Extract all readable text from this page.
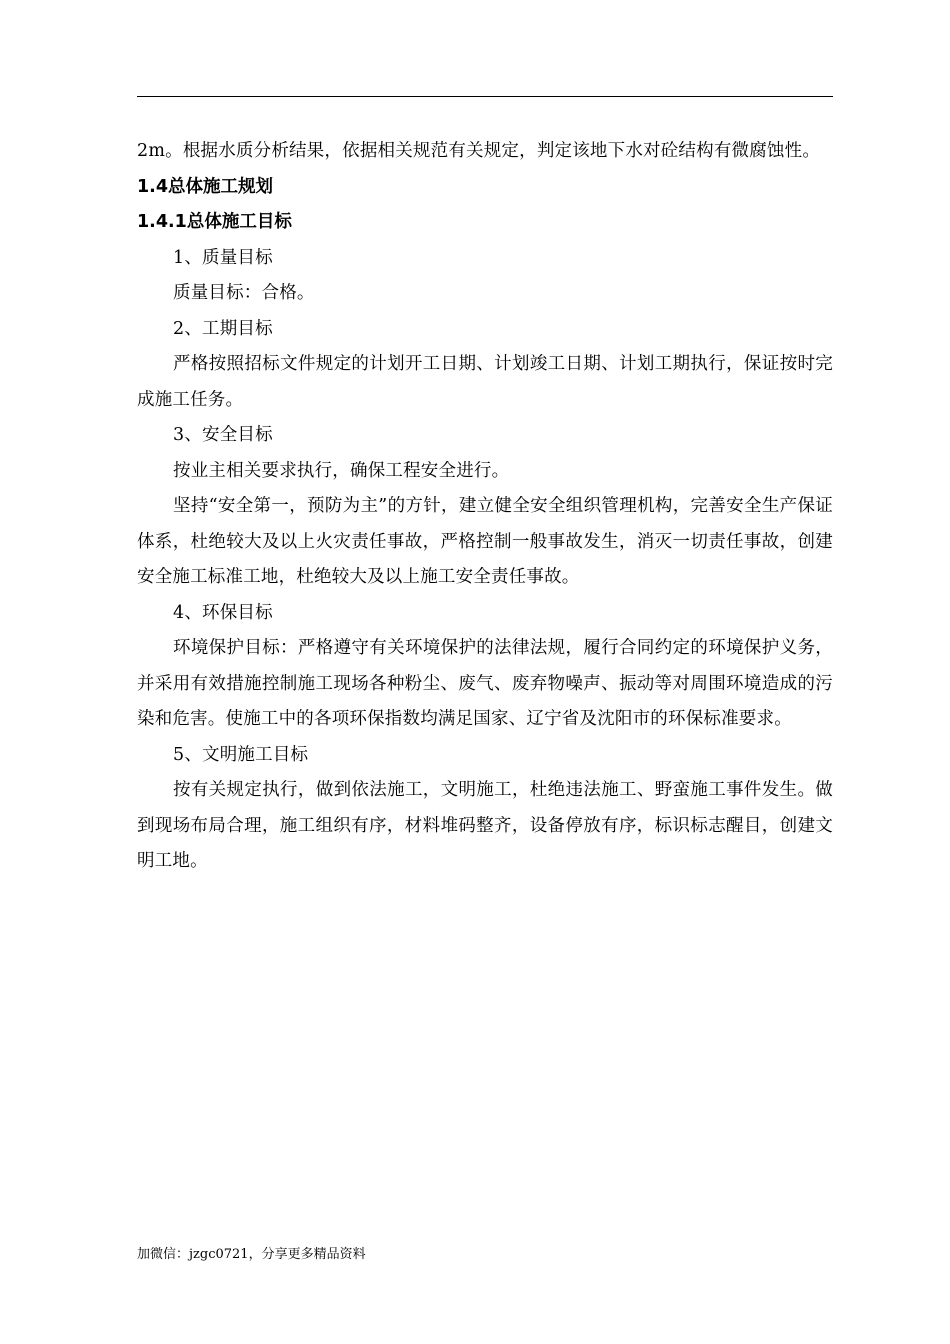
2m。根据水质分析结果，依据相关规范有关规定，判定该地下水对砼结构有微腐蚀性。

1.4总体施工规划

1.4.1总体施工目标

1、质量目标

质量目标：合格。

2、工期目标

严格按照招标文件规定的计划开工日期、计划竣工日期、计划工期执行，保证按时完成施工任务。

3、安全目标

按业主相关要求执行，确保工程安全进行。

坚持“安全第一，预防为主”的方针，建立健全安全组织管理机构，完善安全生产保证体系，杜绝较大及以上火灾责任事故，严格控制一般事故发生，消灭一切责任事故，创建安全施工标准工地，杜绝较大及以上施工安全责任事故。

4、环保目标

环境保护目标：严格遵守有关环境保护的法律法规，履行合同约定的环境保护义务，并采用有效措施控制施工现场各种粉尘、废气、废弃物噪声、振动等对周围环境造成的污染和危害。使施工中的各项环保指数均满足国家、辽宁省及沈阳市的环保标准要求。

5、文明施工目标

按有关规定执行，做到依法施工，文明施工，杜绝违法施工、野蛮施工事件发生。做到现场布局合理，施工组织有序，材料堆码整齐，设备停放有序，标识标志醒目，创建文明工地。

加微信：jzgc0721，分享更多精品资料
